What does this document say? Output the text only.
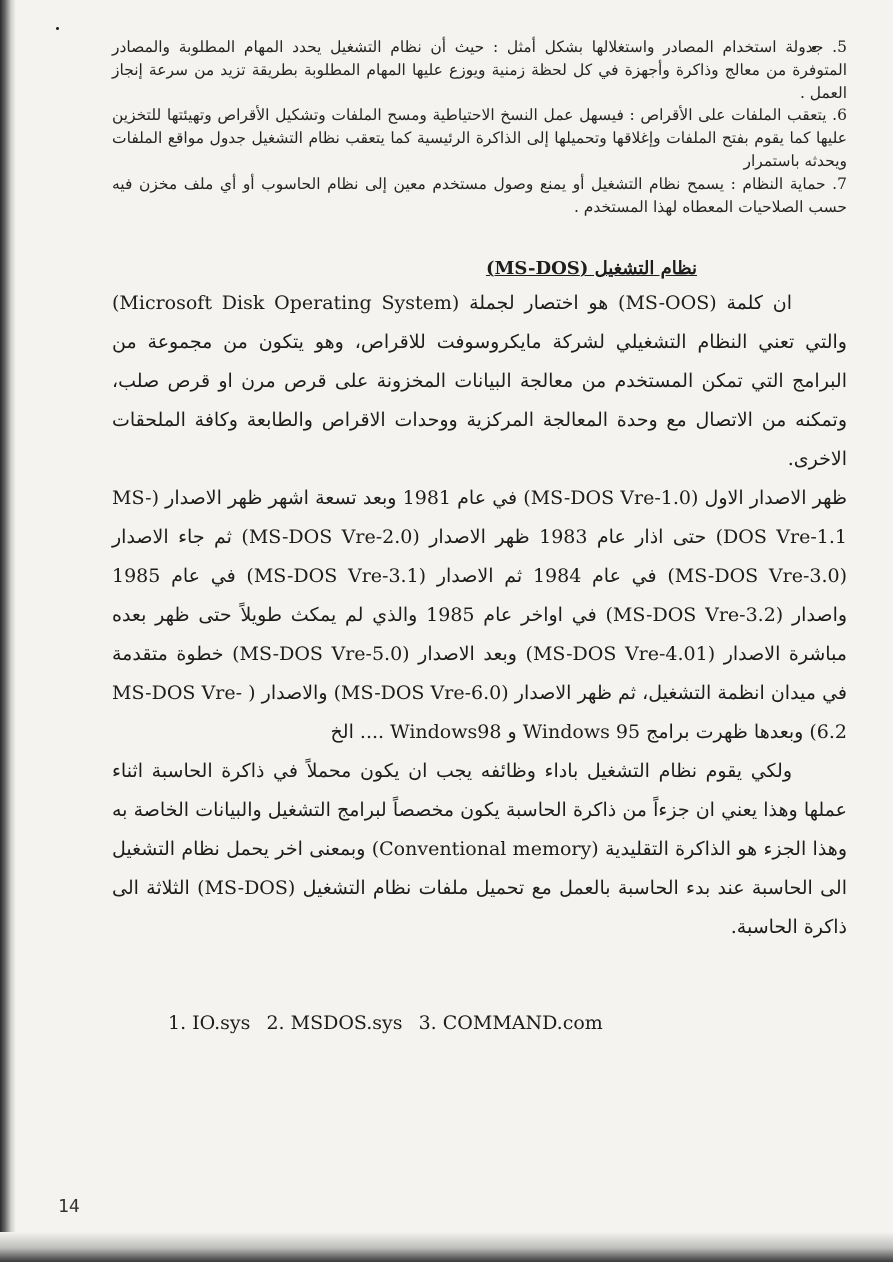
5. جدولة استخدام المصادر واستغلالها بشكل أمثل : حيث أن نظام التشغيل يحدد المهام المطلوبة والمصادر المتوفرة من معالج وذاكرة وأجهزة في كل لحظة زمنية ويوزع عليها المهام المطلوبة بطريقة تزيد من سرعة إنجاز العمل .

6. يتعقب الملفات على الأقراص : فيسهل عمل النسخ الاحتياطية ومسح الملفات وتشكيل الأقراص وتهيئتها للتخزين عليها كما يقوم بفتح الملفات وإغلاقها وتحميلها إلى الذاكرة الرئيسية كما يتعقب نظام التشغيل جدول مواقع الملفات ويحدثه باستمرار

7. حماية النظام : يسمح نظام التشغيل أو يمنع وصول مستخدم معين إلى نظام الحاسوب أو أي ملف مخزن فيه حسب الصلاحيات المعطاه لهذا المستخدم .

نظام التشغيل (MS-DOS)

ان كلمة (MS-OOS) هو اختصار لجملة (Microsoft Disk Operating System) والتي تعني النظام التشغيلي لشركة مايكروسوفت للاقراص، وهو يتكون من مجموعة من البرامج التي تمكن المستخدم من معالجة البيانات المخزونة على قرص مرن او قرص صلب، وتمكنه من الاتصال مع وحدة المعالجة المركزية ووحدات الاقراص والطابعة وكافة الملحقات الاخرى.

ظهر الاصدار الاول (MS-DOS Vre-1.0) في عام 1981 وبعد تسعة اشهر ظهر الاصدار (MS-DOS Vre-1.1) حتى اذار عام 1983 ظهر الاصدار (MS-DOS Vre-2.0) ثم جاء الاصدار (MS-DOS Vre-3.0) في عام 1984 ثم الاصدار (MS-DOS Vre-3.1) في عام 1985 واصدار (MS-DOS Vre-3.2) في اواخر عام 1985 والذي لم يمكث طويلاً حتى ظهر بعده مباشرة الاصدار (MS-DOS Vre-4.01) وبعد الاصدار (MS-DOS Vre-5.0) خطوة متقدمة في ميدان انظمة التشغيل، ثم ظهر الاصدار (MS-DOS Vre-6.0) والاصدار ( MS-DOS Vre-6.2) وبعدها ظهرت برامج Windows 95 و Windows98 .... الخ

ولكي يقوم نظام التشغيل باداء وظائفه يجب ان يكون محملاً في ذاكرة الحاسبة اثناء عملها وهذا يعني ان جزءاً من ذاكرة الحاسبة يكون مخصصاً لبرامج التشغيل والبيانات الخاصة به وهذا الجزء هو الذاكرة التقليدية (Conventional memory) وبمعنى اخر يحمل نظام التشغيل الى الحاسبة عند بدء الحاسبة بالعمل مع تحميل ملفات نظام التشغيل (MS-DOS) الثلاثة الى ذاكرة الحاسبة.

1. IO.sys 2. MSDOS.sys 3. COMMAND.com
14
